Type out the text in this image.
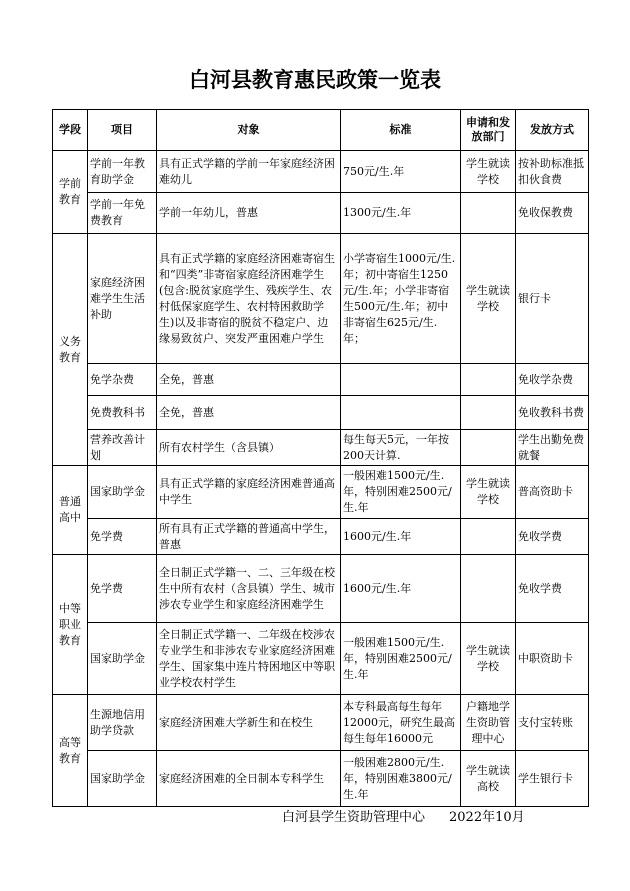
白河县教育惠民政策一览表
学段	项目	对象	标准	申请和发放部门	发放方式
学前教育	学前一年教育助学金	具有正式学籍的学前一年家庭经济困难幼儿	750元/生.年	学生就读学校	按补助标准抵扣伙食费
	学前一年免费教育	学前一年幼儿，普惠	1300元/生.年		免收保教费
义务教育	家庭经济困难学生生活补助	具有正式学籍的家庭经济困难寄宿生和“四类”非寄宿家庭经济困难学生(包含:脱贫家庭学生、残疾学生、农村低保家庭学生、农村特困救助学生)以及非寄宿的脱贫不稳定户、边缘易致贫户、突发严重困难户学生	小学寄宿生1000元/生.年；初中寄宿生1250元/生.年；小学非寄宿生500元/生.年；初中非寄宿生625元/生.年；	学生就读学校	银行卡
	免学杂费	全免，普惠			免收学杂费
	免费教科书	全免，普惠			免收教科书费
	营养改善计划	所有农村学生（含县镇）	每生每天5元，一年按200天计算.		学生出勤免费就餐
普通高中	国家助学金	具有正式学籍的家庭经济困难普通高中学生	一般困难1500元/生.年，特别困难2500元/生.年	学生就读学校	普高资助卡
	免学费	所有具有正式学籍的普通高中学生，普惠	1600元/生.年		免收学费
中等职业教育	免学费	全日制正式学籍一、二、三年级在校生中所有农村（含县镇）学生、城市涉农专业学生和家庭经济困难学生	1600元/生.年		免收学费
	国家助学金	全日制正式学籍一、二年级在校涉农专业学生和非涉农专业家庭经济困难学生、国家集中连片特困地区中等职业学校农村学生	一般困难1500元/生.年，特别困难2500元/生.年	学生就读学校	中职资助卡
高等教育	生源地信用助学贷款	家庭经济困难大学新生和在校生	本专科最高每生每年12000元，研究生最高每生每年16000元	户籍地学生资助管理中心	支付宝转账
	国家助学金	家庭经济困难的全日制本专科学生	一般困难2800元/生.年，特别困难3800元/生.年	学生就读高校	学生银行卡
白河县学生资助管理中心 2022年10月
